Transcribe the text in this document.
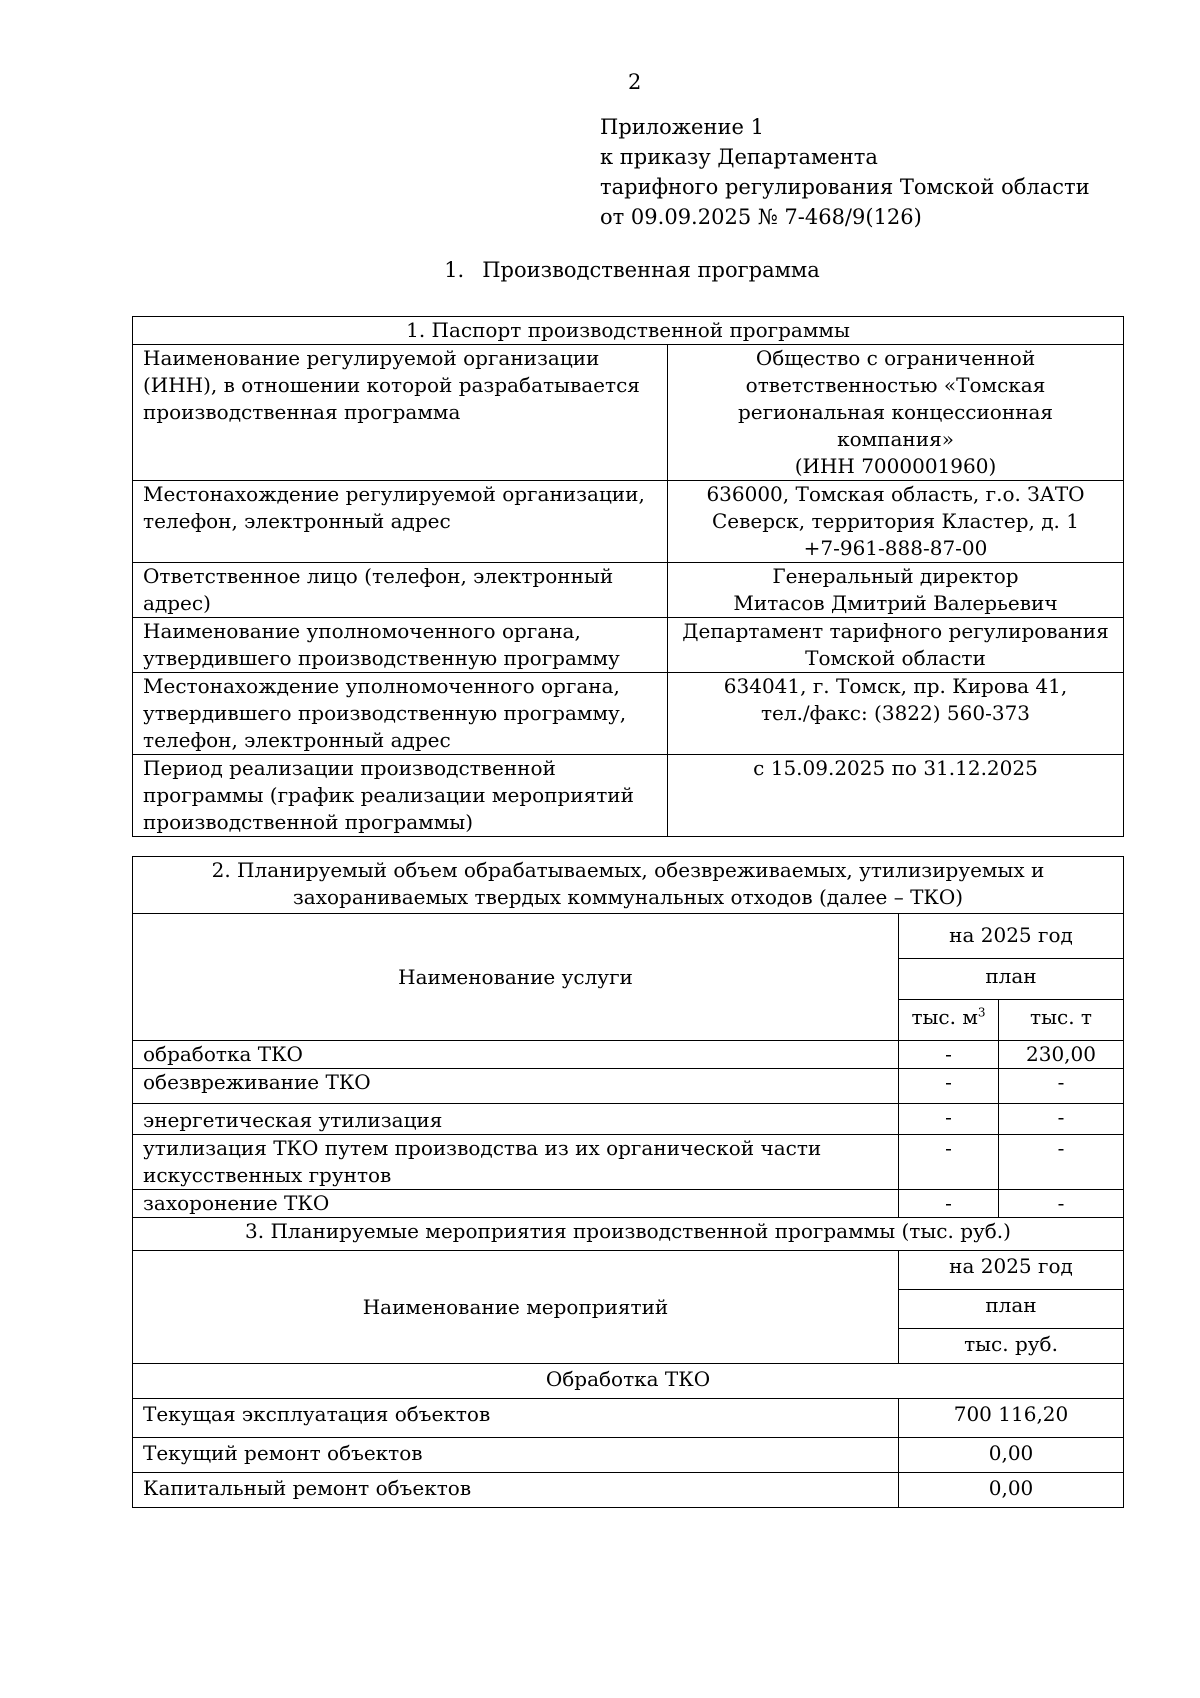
2
Приложение 1
к приказу Департамента
тарифного регулирования Томской области
от 09.09.2025 № 7-468/9(126)
1. Производственная программа
1. Паспорт производственной программы	
Наименование регулируемой организации (ИНН), в отношении которой разрабатывается производственная программа	Общество с ограниченной
ответственностью «Томская
региональная концессионная компания»
(ИНН 7000001960)

Местонахождение регулируемой организации, телефон, электронный адрес	636000, Томская область, г.о. ЗАТО
Северск, территория Кластер, д. 1
+7-961-888-87-00

Ответственное лицо (телефон, электронный адрес)	Генеральный директор
Митасов Дмитрий Валерьевич

Наименование уполномоченного органа, утвердившего производственную программу	Департамент тарифного регулирования
Томской области

Местонахождение уполномоченного органа, утвердившего производственную программу, телефон, электронный адрес	634041, г. Томск, пр. Кирова 41,
тел./факс: (3822) 560-373

Период реализации производственной программы (график реализации мероприятий производственной программы)	с 15.09.2025 по 31.12.2025
2. Планируемый объем обрабатываемых, обезвреживаемых, утилизируемых и захораниваемых твердых коммунальных отходов (далее – ТКО)		
Наименование услуги	на 2025 год	
	план	
	тыс. $м^3$	тыс. т
обработка ТКО	-	230,00
обезвреживание ТКО	-	-
энергетическая утилизация	-	-
утилизация ТКО путем производства из их органической части искусственных грунтов	-	-
захоронение ТКО	-	-
3. Планируемые мероприятия производственной программы (тыс. руб.)		
Наименование мероприятий	на 2025 год	
	план	
	тыс. руб.	
Обработка ТКО		
Текущая эксплуатация объектов	700 116,20	
Текущий ремонт объектов	0,00	
Капитальный ремонт объектов	0,00	
